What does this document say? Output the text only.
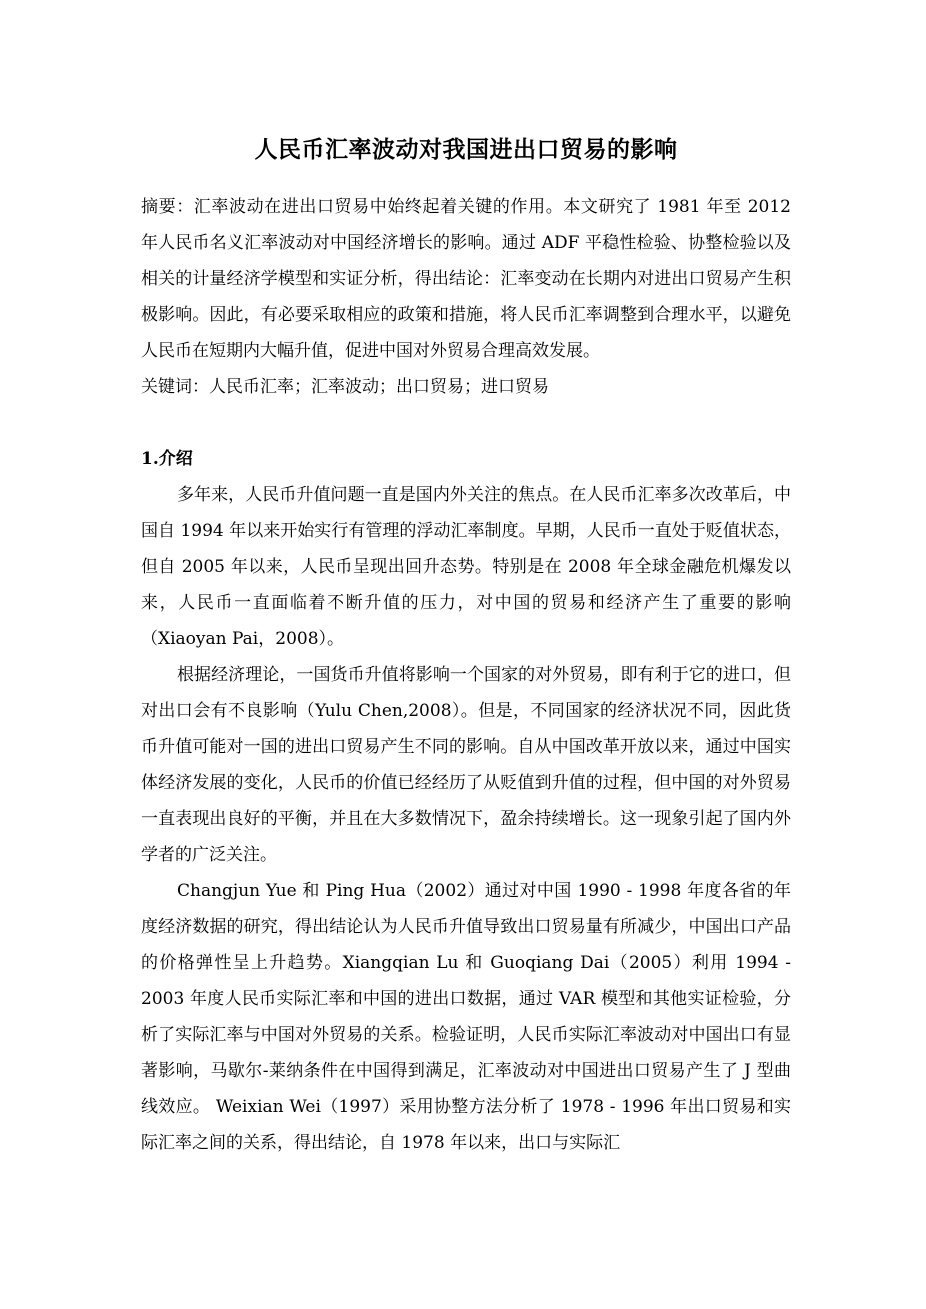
人民币汇率波动对我国进出口贸易的影响

摘要：汇率波动在进出口贸易中始终起着关键的作用。本文研究了 1981 年至 2012 年人民币名义汇率波动对中国经济增长的影响。通过 ADF 平稳性检验、协整检验以及相关的计量经济学模型和实证分析，得出结论：汇率变动在长期内对进出口贸易产生积极影响。因此，有必要采取相应的政策和措施，将人民币汇率调整到合理水平，以避免人民币在短期内大幅升值，促进中国对外贸易合理高效发展。

关键词：人民币汇率；汇率波动；出口贸易；进口贸易

1.介绍

多年来，人民币升值问题一直是国内外关注的焦点。在人民币汇率多次改革后，中国自 1994 年以来开始实行有管理的浮动汇率制度。早期，人民币一直处于贬值状态，但自 2005 年以来，人民币呈现出回升态势。特别是在 2008 年全球金融危机爆发以来，人民币一直面临着不断升值的压力，对中国的贸易和经济产生了重要的影响（Xiaoyan Pai，2008）。

根据经济理论，一国货币升值将影响一个国家的对外贸易，即有利于它的进口，但对出口会有不良影响（Yulu Chen,2008）。但是，不同国家的经济状况不同，因此货币升值可能对一国的进出口贸易产生不同的影响。自从中国改革开放以来，通过中国实体经济发展的变化，人民币的价值已经经历了从贬值到升值的过程，但中国的对外贸易一直表现出良好的平衡，并且在大多数情况下，盈余持续增长。这一现象引起了国内外学者的广泛关注。

Changjun Yue 和 Ping Hua（2002）通过对中国 1990 - 1998 年度各省的年度经济数据的研究，得出结论认为人民币升值导致出口贸易量有所减少，中国出口产品的价格弹性呈上升趋势。Xiangqian Lu 和 Guoqiang Dai（2005）利用 1994 - 2003 年度人民币实际汇率和中国的进出口数据，通过 VAR 模型和其他实证检验，分析了实际汇率与中国对外贸易的关系。检验证明，人民币实际汇率波动对中国出口有显著影响，马歇尔-莱纳条件在中国得到满足，汇率波动对中国进出口贸易产生了 J 型曲线效应。 Weixian Wei（1997）采用协整方法分析了 1978 - 1996 年出口贸易和实际汇率之间的关系，得出结论，自 1978 年以来，出口与实际汇
